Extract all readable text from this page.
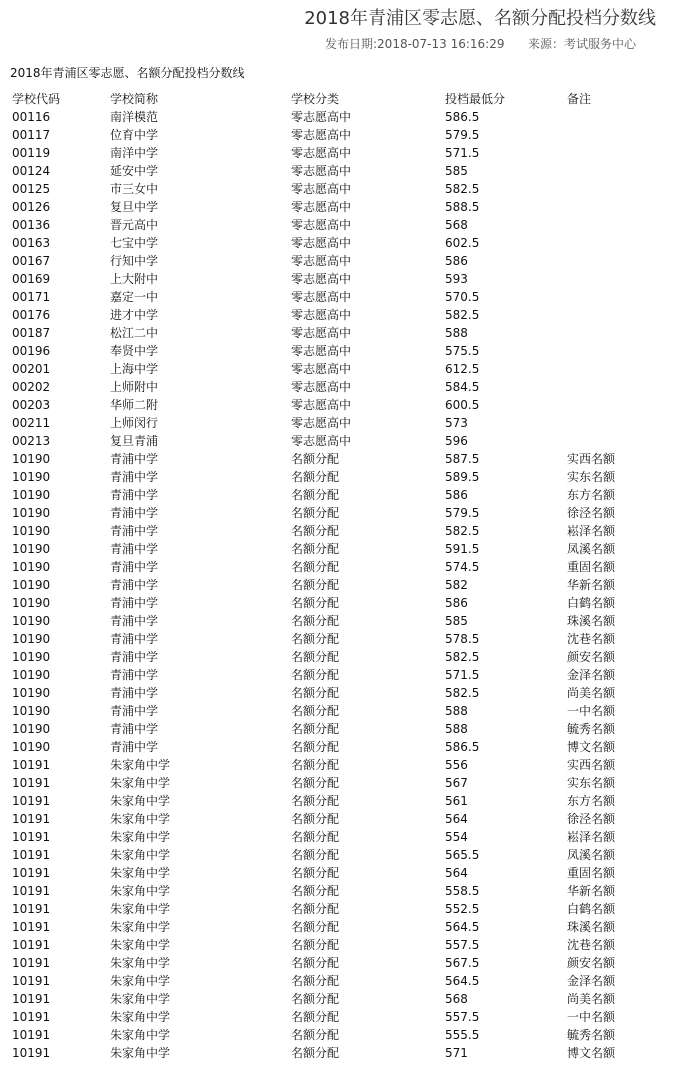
2018年青浦区零志愿、名额分配投档分数线
发布日期:2018-07-13 16:16:29 来源：考试服务中心
2018年青浦区零志愿、名额分配投档分数线
学校代码	学校简称	学校分类	投档最低分	备注
00116	南洋模范	零志愿高中	586.5
00117	位育中学	零志愿高中	579.5
00119	南洋中学	零志愿高中	571.5
00124	延安中学	零志愿高中	585
00125	市三女中	零志愿高中	582.5
00126	复旦中学	零志愿高中	588.5
00136	晋元高中	零志愿高中	568
00163	七宝中学	零志愿高中	602.5
00167	行知中学	零志愿高中	586
00169	上大附中	零志愿高中	593
00171	嘉定一中	零志愿高中	570.5
00176	进才中学	零志愿高中	582.5
00187	松江二中	零志愿高中	588
00196	奉贤中学	零志愿高中	575.5
00201	上海中学	零志愿高中	612.5
00202	上师附中	零志愿高中	584.5
00203	华师二附	零志愿高中	600.5
00211	上师闵行	零志愿高中	573
00213	复旦青浦	零志愿高中	596
10190	青浦中学	名额分配	587.5	实西名额
10190	青浦中学	名额分配	589.5	实东名额
10190	青浦中学	名额分配	586	东方名额
10190	青浦中学	名额分配	579.5	徐泾名额
10190	青浦中学	名额分配	582.5	崧泽名额
10190	青浦中学	名额分配	591.5	凤溪名额
10190	青浦中学	名额分配	574.5	重固名额
10190	青浦中学	名额分配	582	华新名额
10190	青浦中学	名额分配	586	白鹤名额
10190	青浦中学	名额分配	585	珠溪名额
10190	青浦中学	名额分配	578.5	沈巷名额
10190	青浦中学	名额分配	582.5	颜安名额
10190	青浦中学	名额分配	571.5	金泽名额
10190	青浦中学	名额分配	582.5	尚美名额
10190	青浦中学	名额分配	588	一中名额
10190	青浦中学	名额分配	588	毓秀名额
10190	青浦中学	名额分配	586.5	博文名额
10191	朱家角中学	名额分配	556	实西名额
10191	朱家角中学	名额分配	567	实东名额
10191	朱家角中学	名额分配	561	东方名额
10191	朱家角中学	名额分配	564	徐泾名额
10191	朱家角中学	名额分配	554	崧泽名额
10191	朱家角中学	名额分配	565.5	凤溪名额
10191	朱家角中学	名额分配	564	重固名额
10191	朱家角中学	名额分配	558.5	华新名额
10191	朱家角中学	名额分配	552.5	白鹤名额
10191	朱家角中学	名额分配	564.5	珠溪名额
10191	朱家角中学	名额分配	557.5	沈巷名额
10191	朱家角中学	名额分配	567.5	颜安名额
10191	朱家角中学	名额分配	564.5	金泽名额
10191	朱家角中学	名额分配	568	尚美名额
10191	朱家角中学	名额分配	557.5	一中名额
10191	朱家角中学	名额分配	555.5	毓秀名额
10191	朱家角中学	名额分配	571	博文名额
